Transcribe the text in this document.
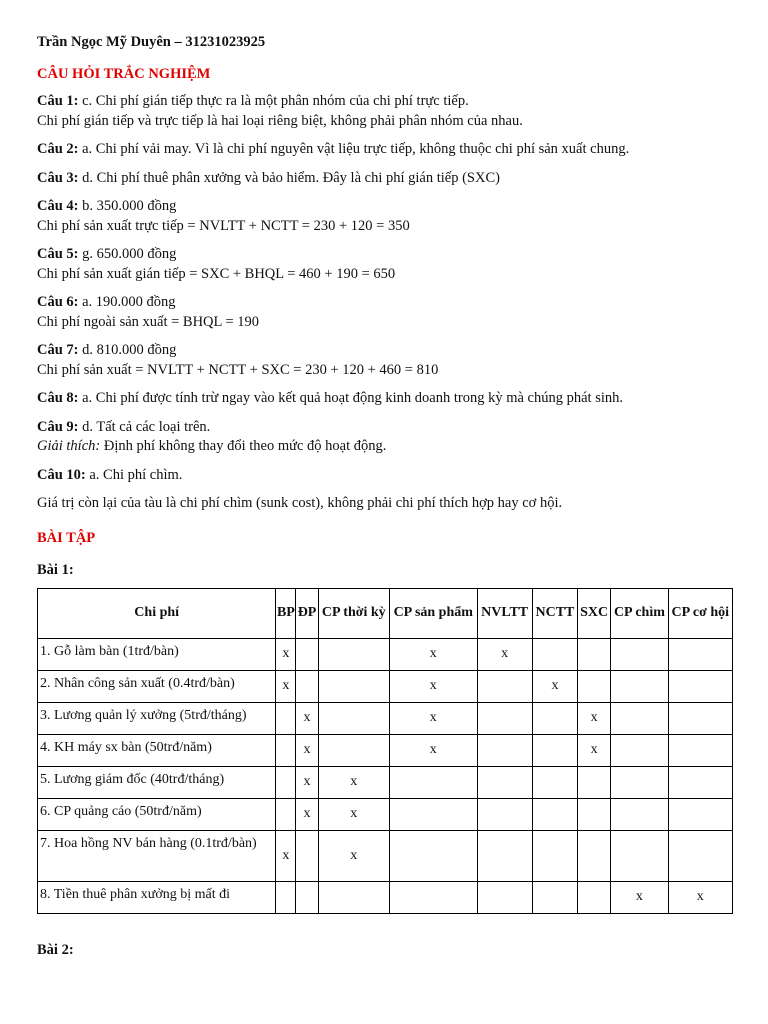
Trần Ngọc Mỹ Duyên – 31231023925
CÂU HỎI TRẮC NGHIỆM
Câu 1: c. Chi phí gián tiếp thực ra là một phân nhóm của chi phí trực tiếp.
Chi phí gián tiếp và trực tiếp là hai loại riêng biệt, không phải phân nhóm của nhau.
Câu 2: a. Chi phí vải may. Vì là chi phí nguyên vật liệu trực tiếp, không thuộc chi phí sản xuất chung.
Câu 3: d. Chi phí thuê phân xưởng và bảo hiểm. Đây là chi phí gián tiếp (SXC)
Câu 4: b. 350.000 đồng
Chi phí sản xuất trực tiếp = NVLTT + NCTT = 230 + 120 = 350
Câu 5: g. 650.000 đồng
Chi phí sản xuất gián tiếp = SXC + BHQL = 460 + 190 = 650
Câu 6: a. 190.000 đồng
Chi phí ngoài sản xuất = BHQL = 190
Câu 7: d. 810.000 đồng
Chi phí sản xuất = NVLTT + NCTT + SXC = 230 + 120 + 460 = 810
Câu 8: a. Chi phí được tính trừ ngay vào kết quả hoạt động kinh doanh trong kỳ mà chúng phát sinh.
Câu 9: d. Tất cả các loại trên.
Giải thích: Định phí không thay đổi theo mức độ hoạt động.
Câu 10: a. Chi phí chìm.
Giá trị còn lại của tàu là chi phí chìm (sunk cost), không phải chi phí thích hợp hay cơ hội.
BÀI TẬP
Bài 1:
Chi phí	BP	ĐP	CP thời kỳ	CP sản phẩm	NVLTT	NCTT	SXC	CP chìm	CP cơ hội
1. Gỗ làm bàn (1trđ/bàn)	x			x	x				
2. Nhân công sản xuất (0.4trđ/bàn)	x			x		x			
3. Lương quản lý xưởng (5trđ/tháng)		x		x			x		
4. KH máy sx bàn (50trđ/năm)		x		x			x		
5. Lương giám đốc (40trđ/tháng)		x	x						
6. CP quảng cáo (50trđ/năm)		x	x						
7. Hoa hồng NV bán hàng (0.1trđ/bàn)	x		x						
8. Tiền thuê phân xưởng bị mất đi								x	x
Bài 2:
